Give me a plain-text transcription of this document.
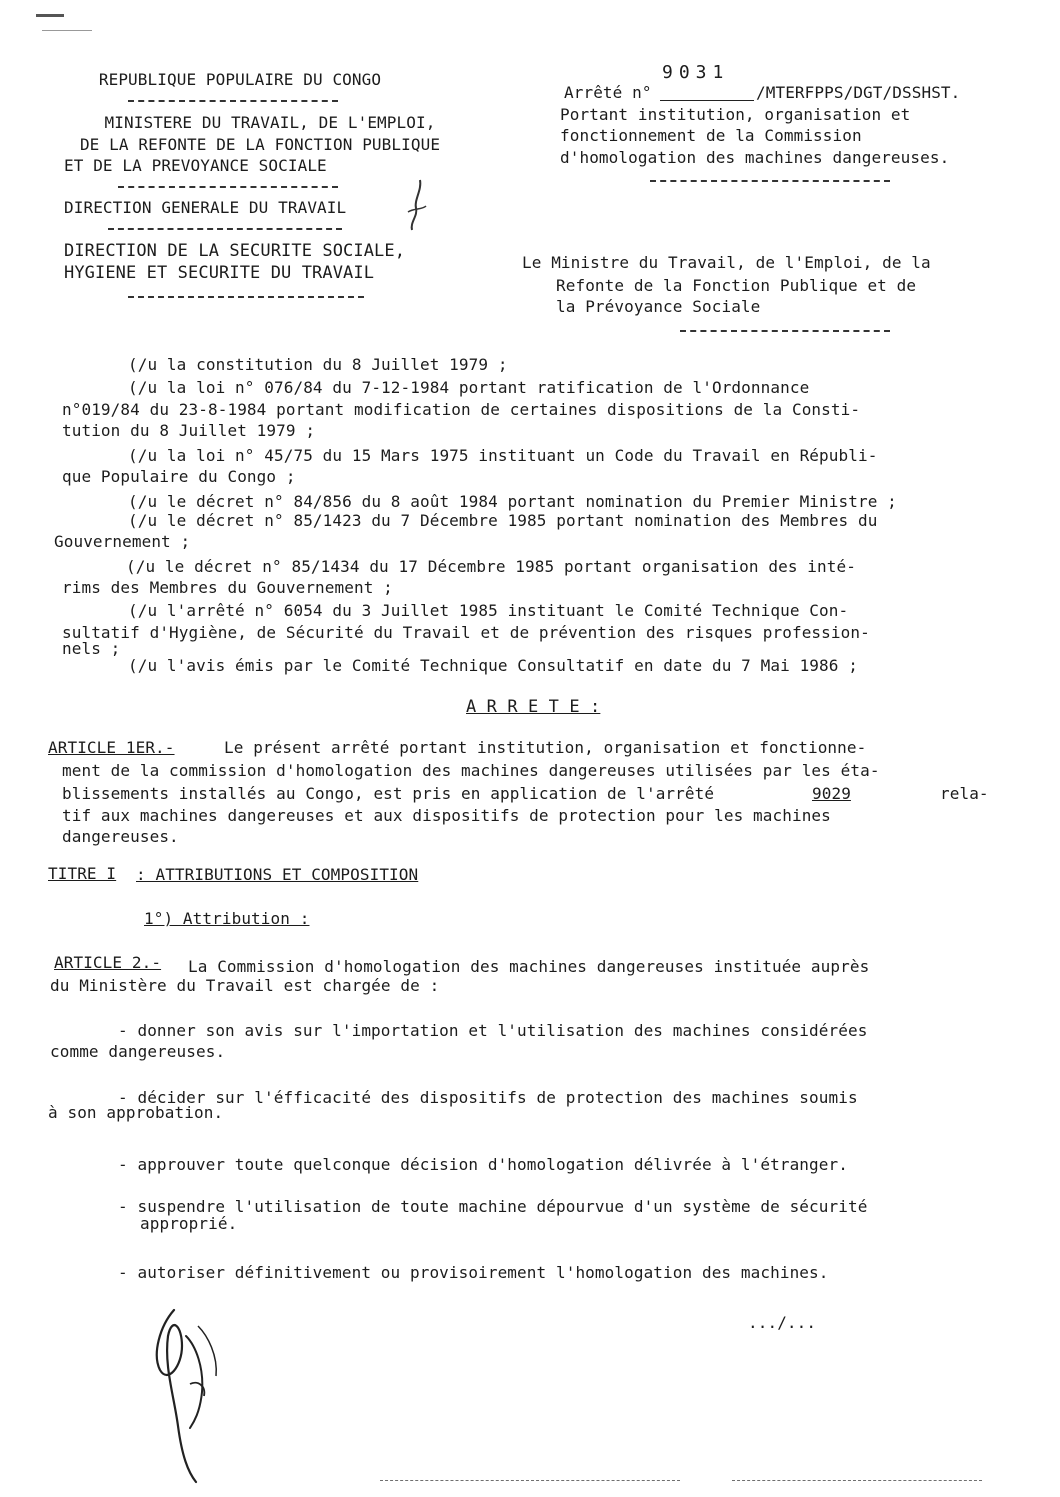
REPUBLIQUE POPULAIRE DU CONGO
MINISTERE DU TRAVAIL, DE L'EMPLOI,
DE LA REFONTE DE LA FONCTION PUBLIQUE
ET DE LA PREVOYANCE SOCIALE
DIRECTION GENERALE DU TRAVAIL
DIRECTION DE LA SECURITE SOCIALE,
HYGIENE ET SECURITE DU TRAVAIL
9031
Arrêté n°	/MTERFPPS/DGT/DSSHST.
Portant institution, organisation et
fonctionnement de la Commission
d'homologation des machines dangereuses.
Le Ministre du Travail, de l'Emploi, de la
Refonte de la Fonction Publique et de
la Prévoyance Sociale
(/u la constitution du 8 Juillet 1979 ;
(/u la loi n° 076/84 du 7-12-1984 portant ratification de l'Ordonnance
n°019/84 du 23-8-1984 portant modification de certaines dispositions de la Consti-
tution du 8 Juillet 1979 ;
(/u la loi n° 45/75 du 15 Mars 1975 instituant un Code du Travail en Républi-
que Populaire du Congo ;
(/u le décret n° 84/856 du 8 août 1984 portant nomination du Premier Ministre ;
(/u le décret n° 85/1423 du 7 Décembre 1985 portant nomination des Membres du
Gouvernement ;
(/u le décret n° 85/1434 du 17 Décembre 1985 portant organisation des inté-
rims des Membres du Gouvernement ;
(/u l'arrêté n° 6054 du 3 Juillet 1985 instituant le Comité Technique Con-
sultatif d'Hygiène, de Sécurité du Travail et de prévention des risques profession-
nels ;
(/u l'avis émis par le Comité Technique Consultatif en date du 7 Mai 1986 ;
A R R E T E :
ARTICLE 1ER.-	Le présent arrêté portant institution, organisation et fonctionne-
ment de la commission d'homologation des machines dangereuses utilisées par les éta-
blissements installés au Congo, est pris en application de l'arrêté	9029	rela-
tif aux machines dangereuses et aux dispositifs de protection pour les machines
dangereuses.
TITRE I : ATTRIBUTIONS ET COMPOSITION
1°) Attribution :
ARTICLE 2.- La Commission d'homologation des machines dangereuses instituée auprès
du Ministère du Travail est chargée de :
- donner son avis sur l'importation et l'utilisation des machines considérées
comme dangereuses.
- décider sur l'éfficacité des dispositifs de protection des machines soumis
à son approbation.
- approuver toute quelconque décision d'homologation délivrée à l'étranger.
- suspendre l'utilisation de toute machine dépourvue d'un système de sécurité
approprié.
- autoriser définitivement ou provisoirement l'homologation des machines.
.../...
